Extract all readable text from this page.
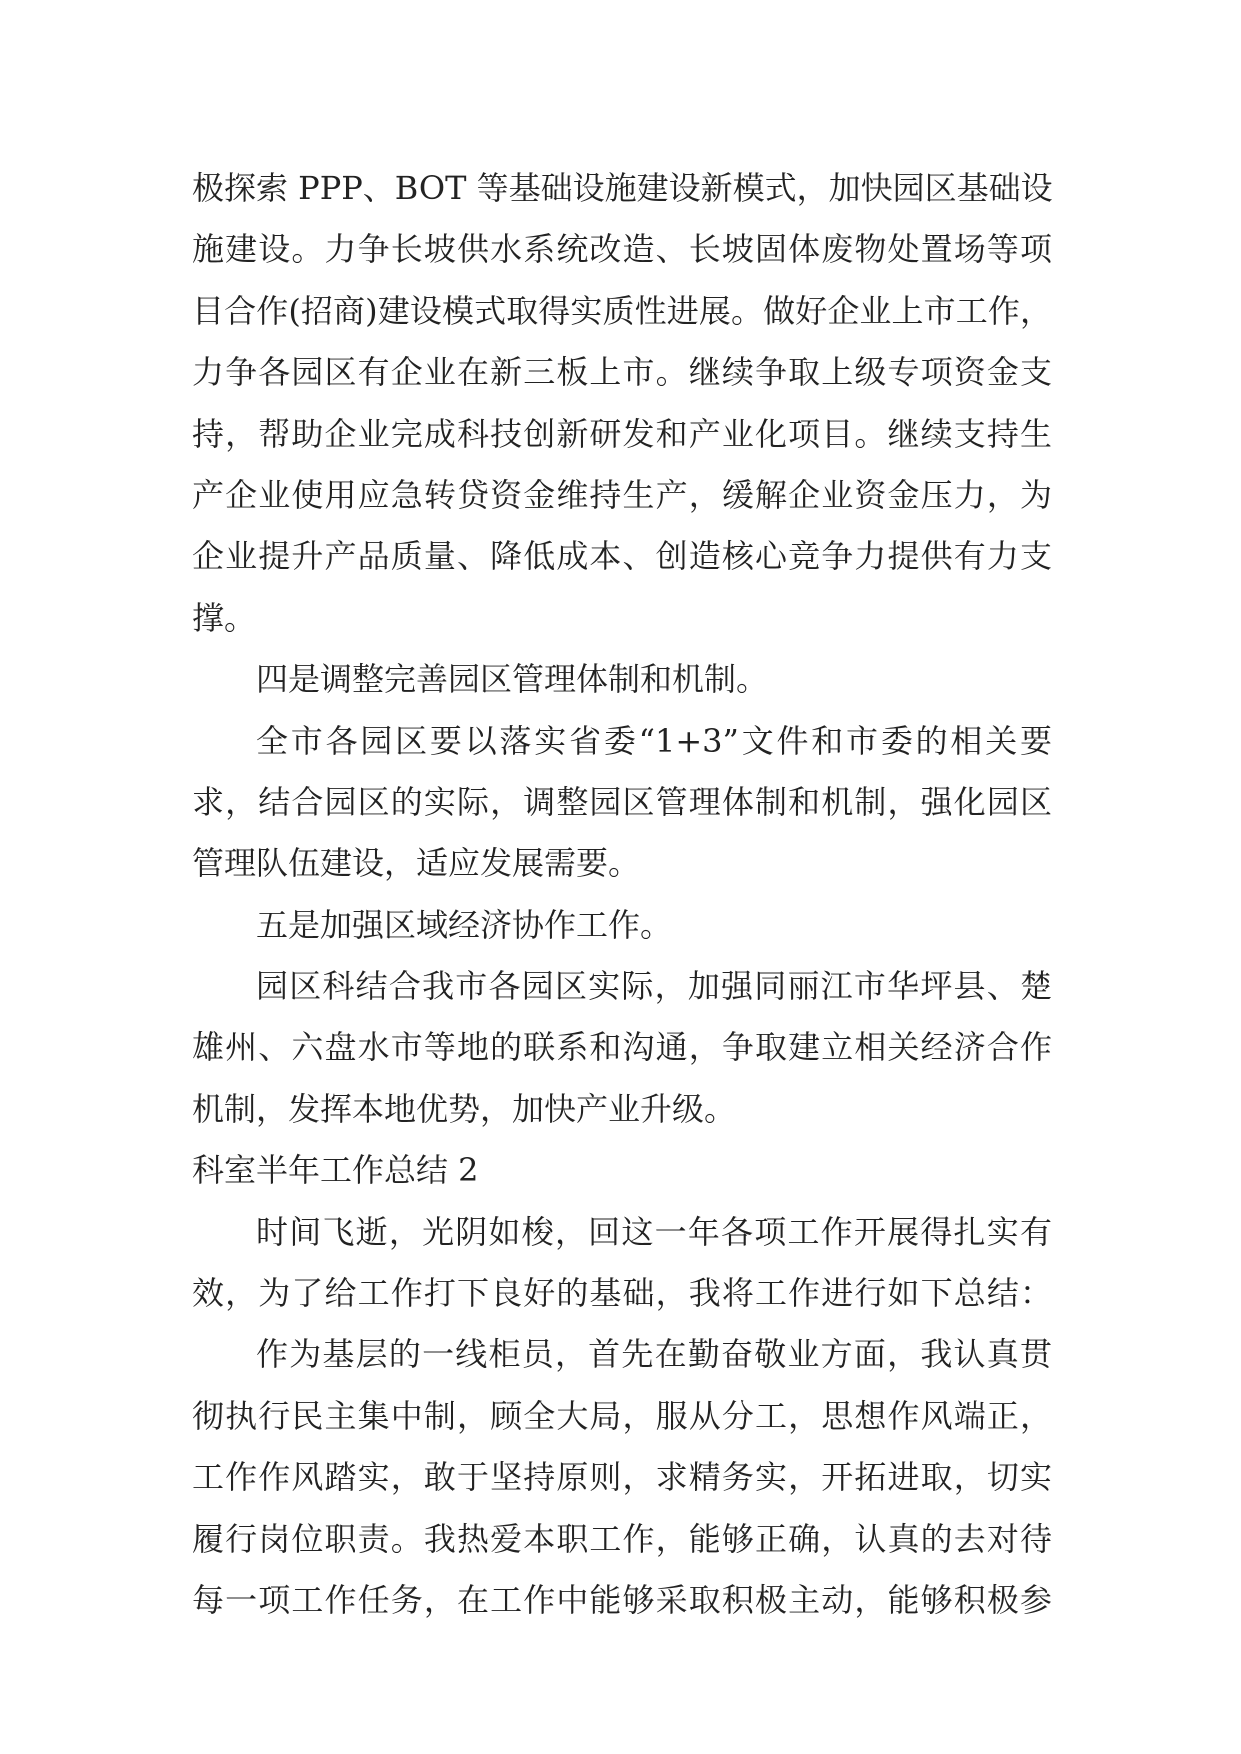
极探索 PPP、BOT 等基础设施建设新模式，加快园区基础设
施建设。力争长坡供水系统改造、长坡固体废物处置场等项
目合作(招商)建设模式取得实质性进展。做好企业上市工作，
力争各园区有企业在新三板上市。继续争取上级专项资金支
持，帮助企业完成科技创新研发和产业化项目。继续支持生
产企业使用应急转贷资金维持生产，缓解企业资金压力，为
企业提升产品质量、降低成本、创造核心竞争力提供有力支
撑。
四是调整完善园区管理体制和机制。
全市各园区要以落实省委“1+3”文件和市委的相关要
求，结合园区的实际，调整园区管理体制和机制，强化园区
管理队伍建设，适应发展需要。
五是加强区域经济协作工作。
园区科结合我市各园区实际，加强同丽江市华坪县、楚
雄州、六盘水市等地的联系和沟通，争取建立相关经济合作
机制，发挥本地优势，加快产业升级。
科室半年工作总结 2
时间飞逝，光阴如梭，回这一年各项工作开展得扎实有
效，为了给工作打下良好的基础，我将工作进行如下总结：
作为基层的一线柜员，首先在勤奋敬业方面，我认真贯
彻执行民主集中制，顾全大局，服从分工，思想作风端正，
工作作风踏实，敢于坚持原则，求精务实，开拓进取，切实
履行岗位职责。我热爱本职工作，能够正确，认真的去对待
每一项工作任务，在工作中能够采取积极主动，能够积极参
